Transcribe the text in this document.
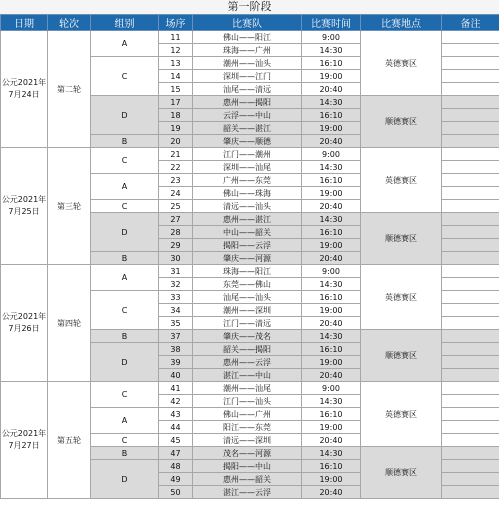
第一阶段
日期	轮次	组别	场序	比赛队	比赛时间	比赛地点	备注
公元2021年7月24日	第二轮	A	11	佛山——阳江	9:00	英德赛区	
			12	珠海——广州	14:30		
		C	13	潮州——汕头	16:10		
			14	深圳——江门	19:00		
			15	汕尾——清远	20:40		
		D	17	惠州——揭阳	14:30	顺德赛区	
			18	云浮——中山	16:10		
			19	韶关——湛江	19:00		
		B	20	肇庆——顺德	20:40		
公元2021年7月25日	第三轮	C	21	江门——潮州	9:00	英德赛区	
			22	深圳——汕尾	14:30		
		A	23	广州——东莞	16:10		
			24	佛山——珠海	19:00		
		C	25	清远——汕头	20:40		
		D	27	惠州——湛江	14:30	顺德赛区	
			28	中山——韶关	16:10		
			29	揭阳——云浮	19:00		
		B	30	肇庆——河源	20:40		
公元2021年7月26日	第四轮	A	31	珠海——阳江	9:00	英德赛区	
			32	东莞——佛山	14:30		
		C	33	汕尾——汕头	16:10		
			34	潮州——深圳	19:00		
			35	江门——清远	20:40		
		B	37	肇庆——茂名	14:30	顺德赛区	
		D	38	韶关——揭阳	16:10		
			39	惠州——云浮	19:00		
			40	湛江——中山	20:40		
公元2021年7月27日	第五轮	C	41	潮州——汕尾	9:00	英德赛区	
			42	江门——汕头	14:30		
		A	43	佛山——广州	16:10		
			44	阳江——东莞	19:00		
		C	45	清远——深圳	20:40		
		B	47	茂名——河源	14:30	顺德赛区	
		D	48	揭阳——中山	16:10		
			49	惠州——韶关	19:00		
			50	湛江——云浮	20:40		
